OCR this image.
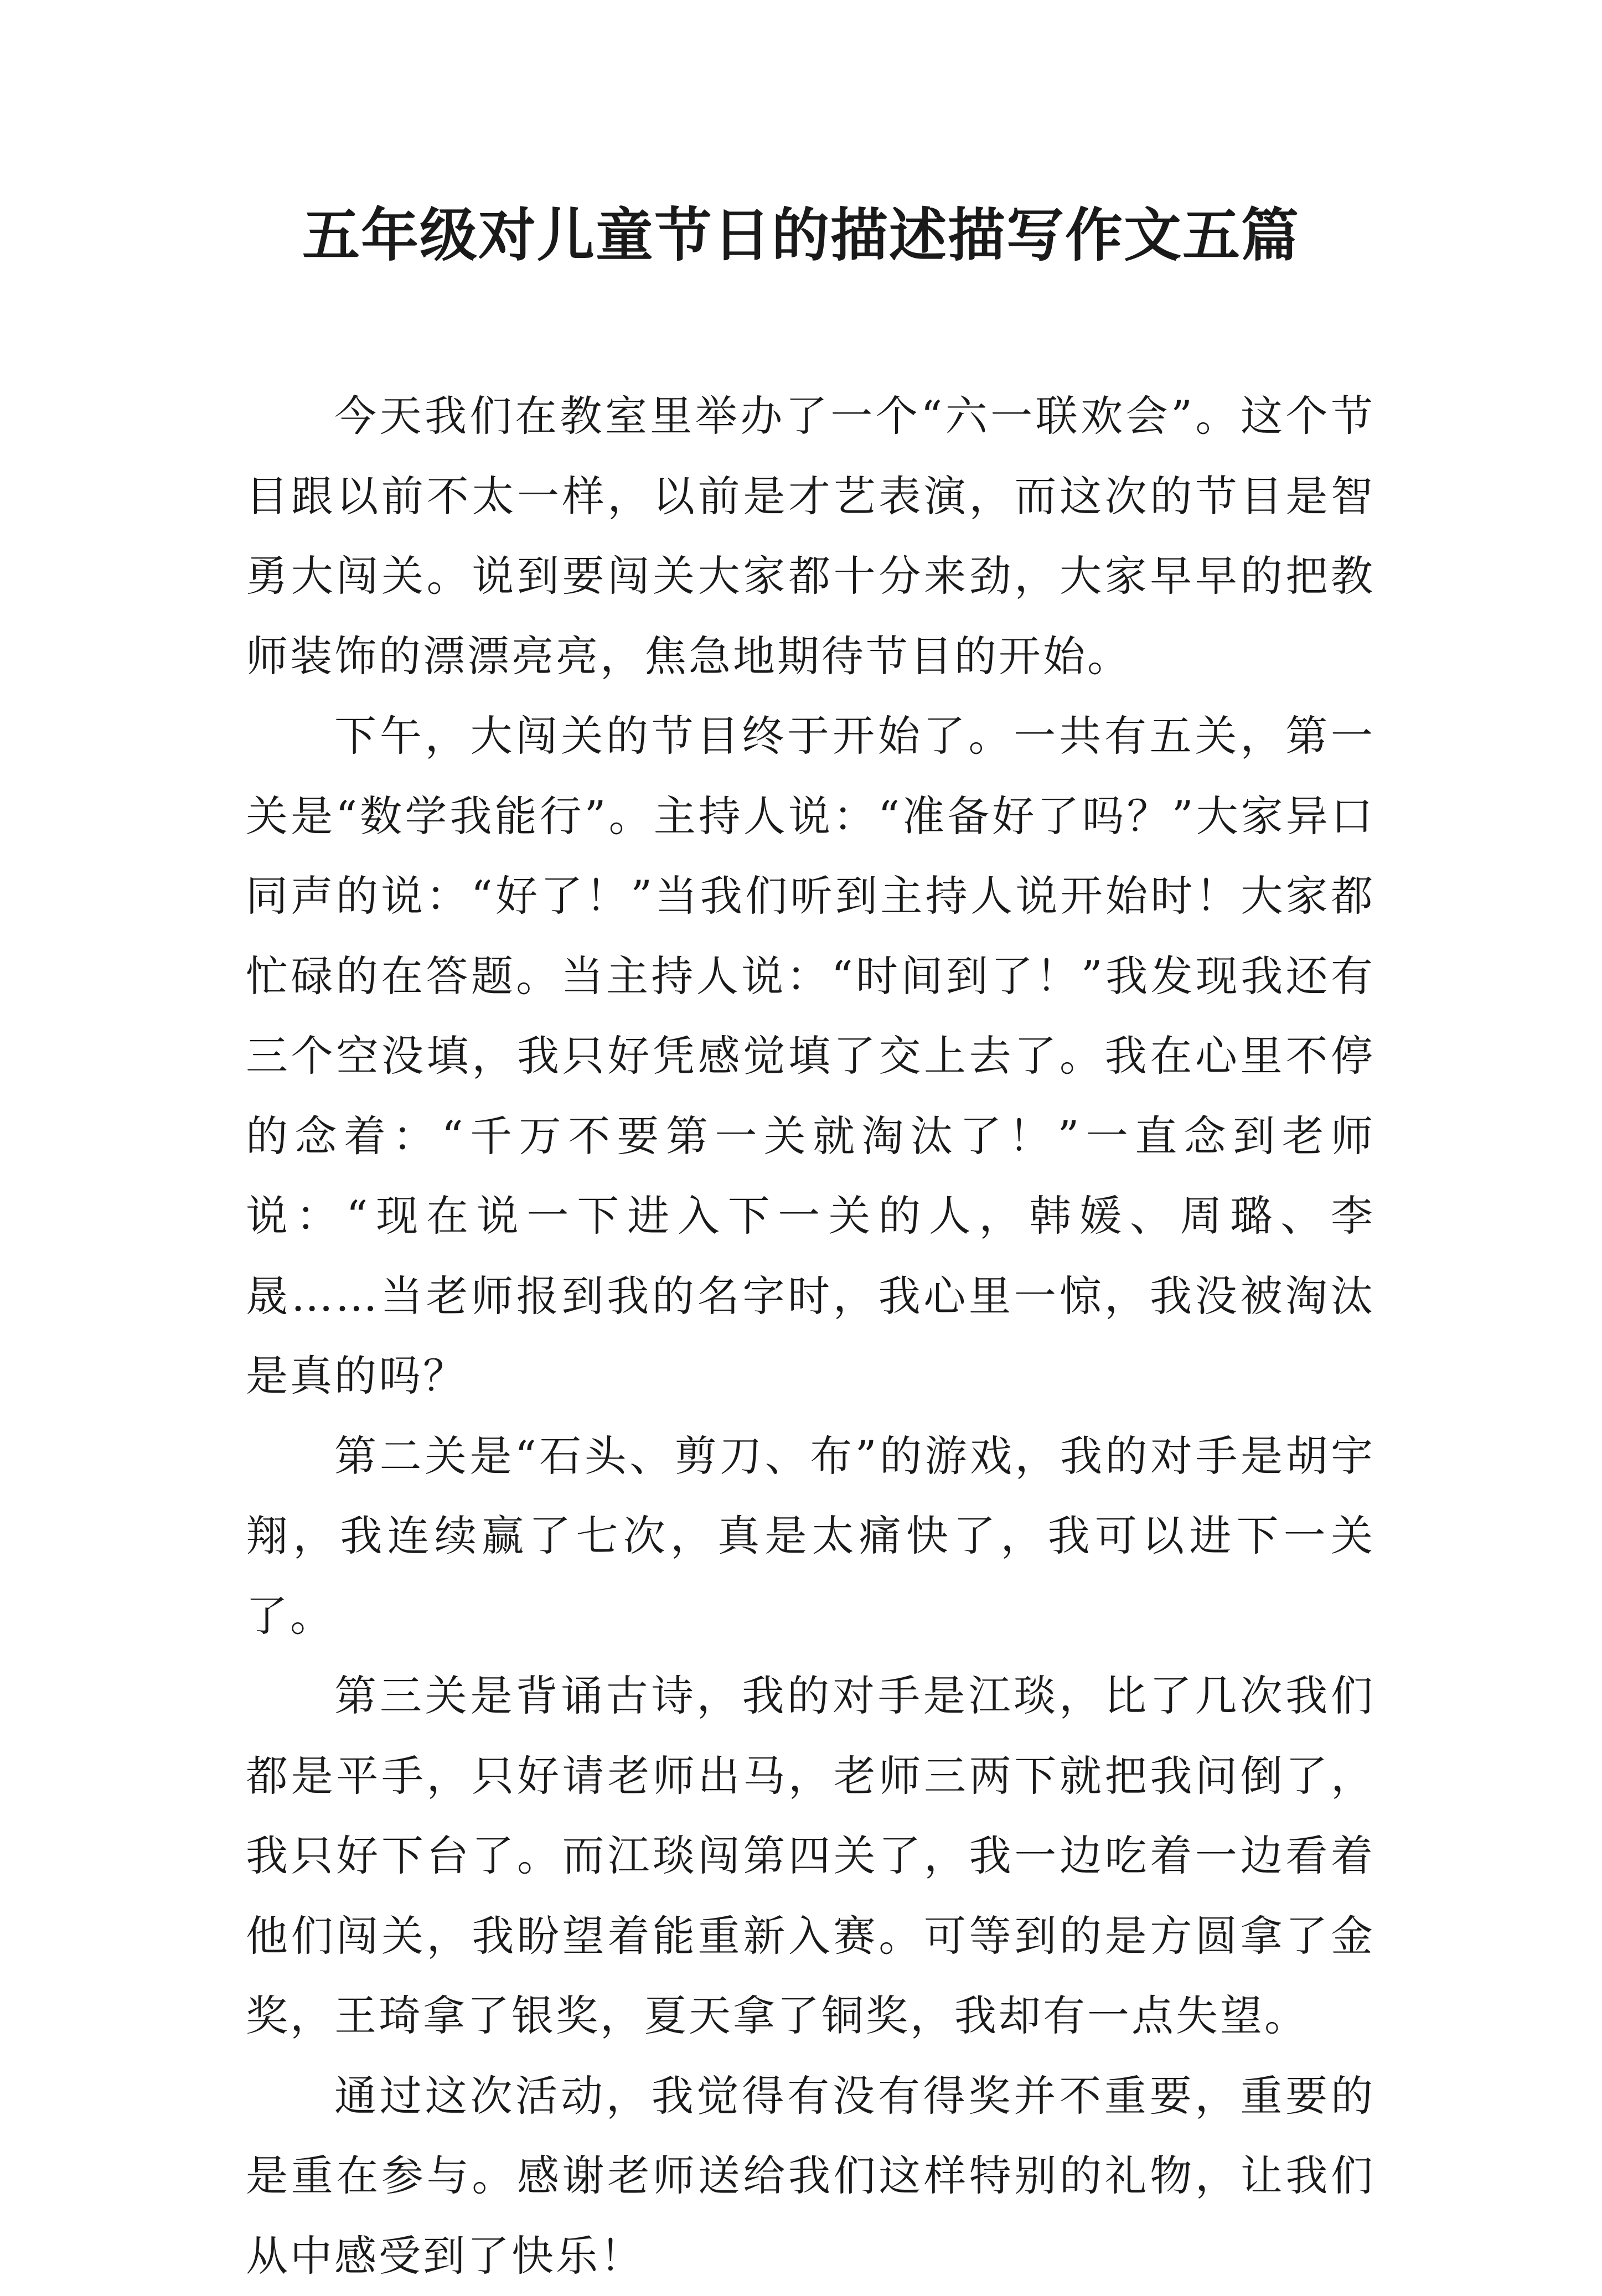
五年级对儿童节日的描述描写作文五篇

今天我们在教室里举办了一个“六一联欢会”。这个节目跟以前不太一样，以前是才艺表演，而这次的节目是智勇大闯关。说到要闯关大家都十分来劲，大家早早的把教师装饰的漂漂亮亮，焦急地期待节目的开始。

下午，大闯关的节目终于开始了。一共有五关，第一关是“数学我能行”。主持人说：“准备好了吗？”大家异口同声的说：“好了！”当我们听到主持人说开始时！大家都忙碌的在答题。当主持人说：“时间到了！”我发现我还有三个空没填，我只好凭感觉填了交上去了。我在心里不停的念着：“千万不要第一关就淘汰了！”一直念到老师说：“现在说一下进入下一关的人，韩媛、周璐、李晟……当老师报到我的名字时，我心里一惊，我没被淘汰是真的吗？

第二关是“石头、剪刀、布”的游戏，我的对手是胡宇翔，我连续赢了七次，真是太痛快了，我可以进下一关了。

第三关是背诵古诗，我的对手是江琰，比了几次我们都是平手，只好请老师出马，老师三两下就把我问倒了，我只好下台了。而江琰闯第四关了，我一边吃着一边看着他们闯关，我盼望着能重新入赛。可等到的是方圆拿了金奖，王琦拿了银奖，夏天拿了铜奖，我却有一点失望。

通过这次活动，我觉得有没有得奖并不重要，重要的是重在参与。感谢老师送给我们这样特别的礼物，让我们从中感受到了快乐！
